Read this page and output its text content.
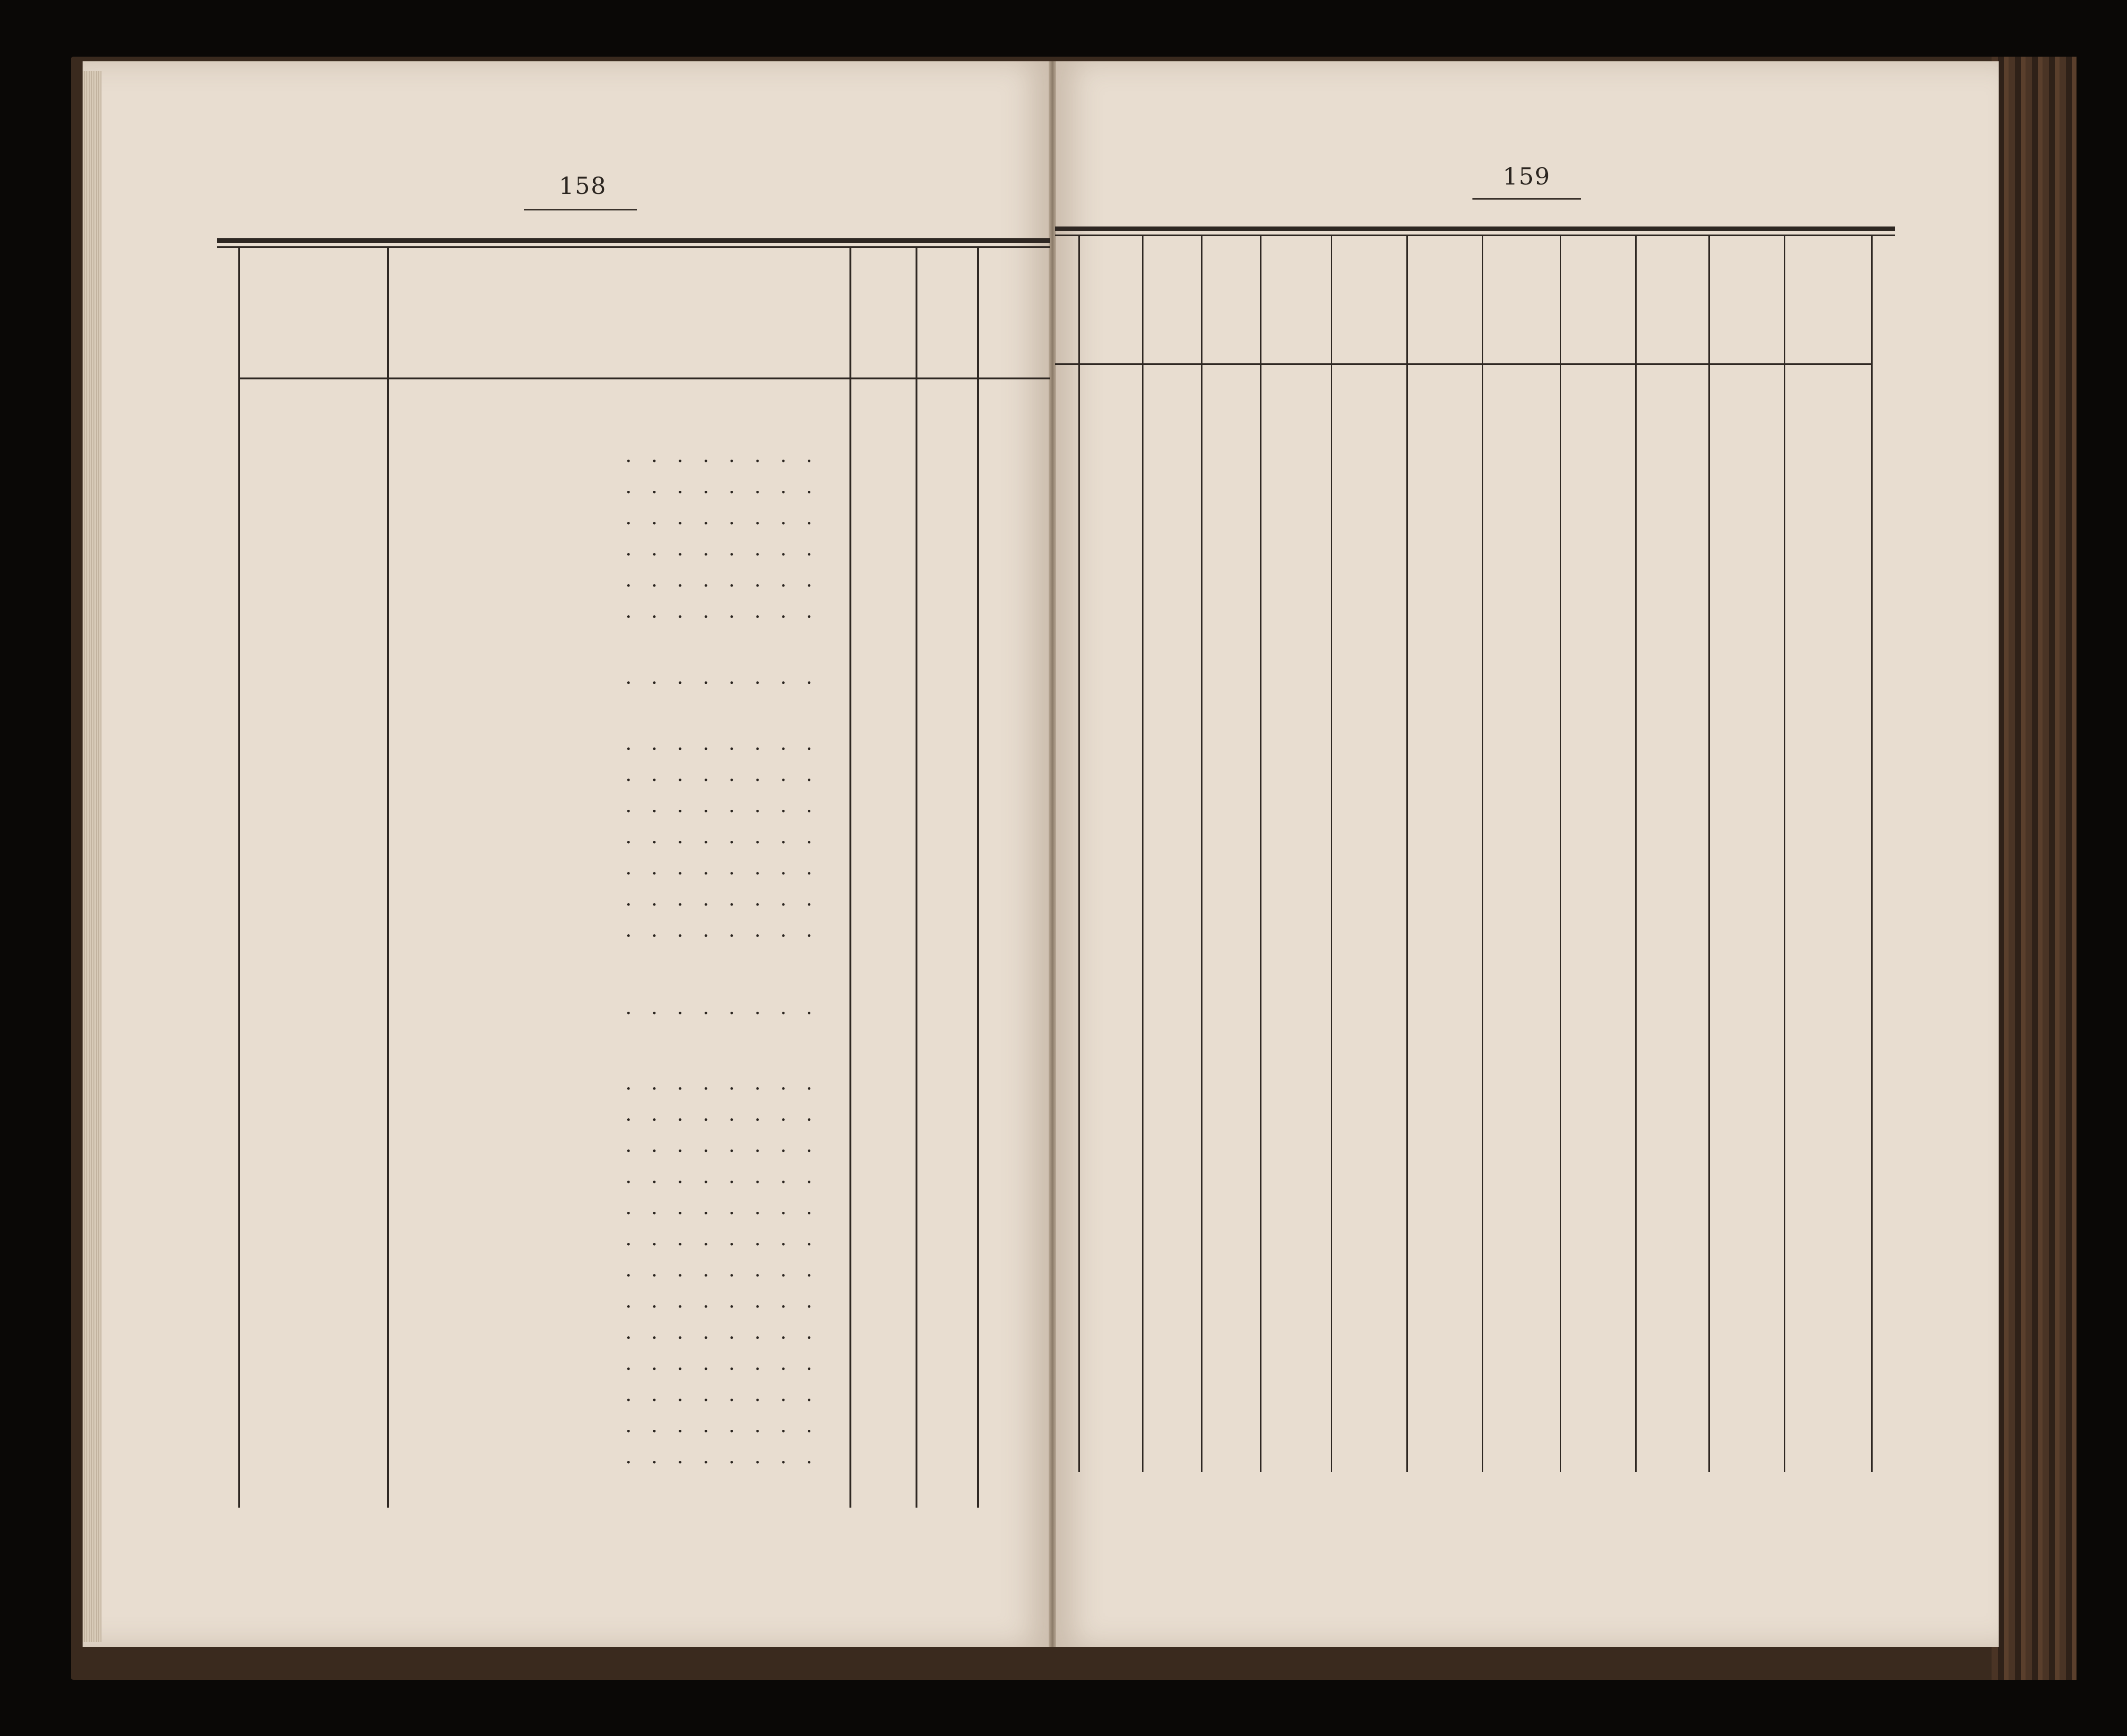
158	159
. . . . . . . .
. . . . . . . .
. . . . . . . .
. . . . . . . .
. . . . . . . .
. . . . . . . .
. . . . . . . .
. . . . . . . .
. . . . . . . .
. . . . . . . .
. . . . . . . .
. . . . . . . .
. . . . . . . .
. . . . . . . .
. . . . . . . .
. . . . . . . .
. . . . . . . .
. . . . . . . .
. . . . . . . .
. . . . . . . .
. . . . . . . .
. . . . . . . .
. . . . . . . .
. . . . . . . .
. . . . . . . .
. . . . . . . .
. . . . . . . .
. . . . . . . .
